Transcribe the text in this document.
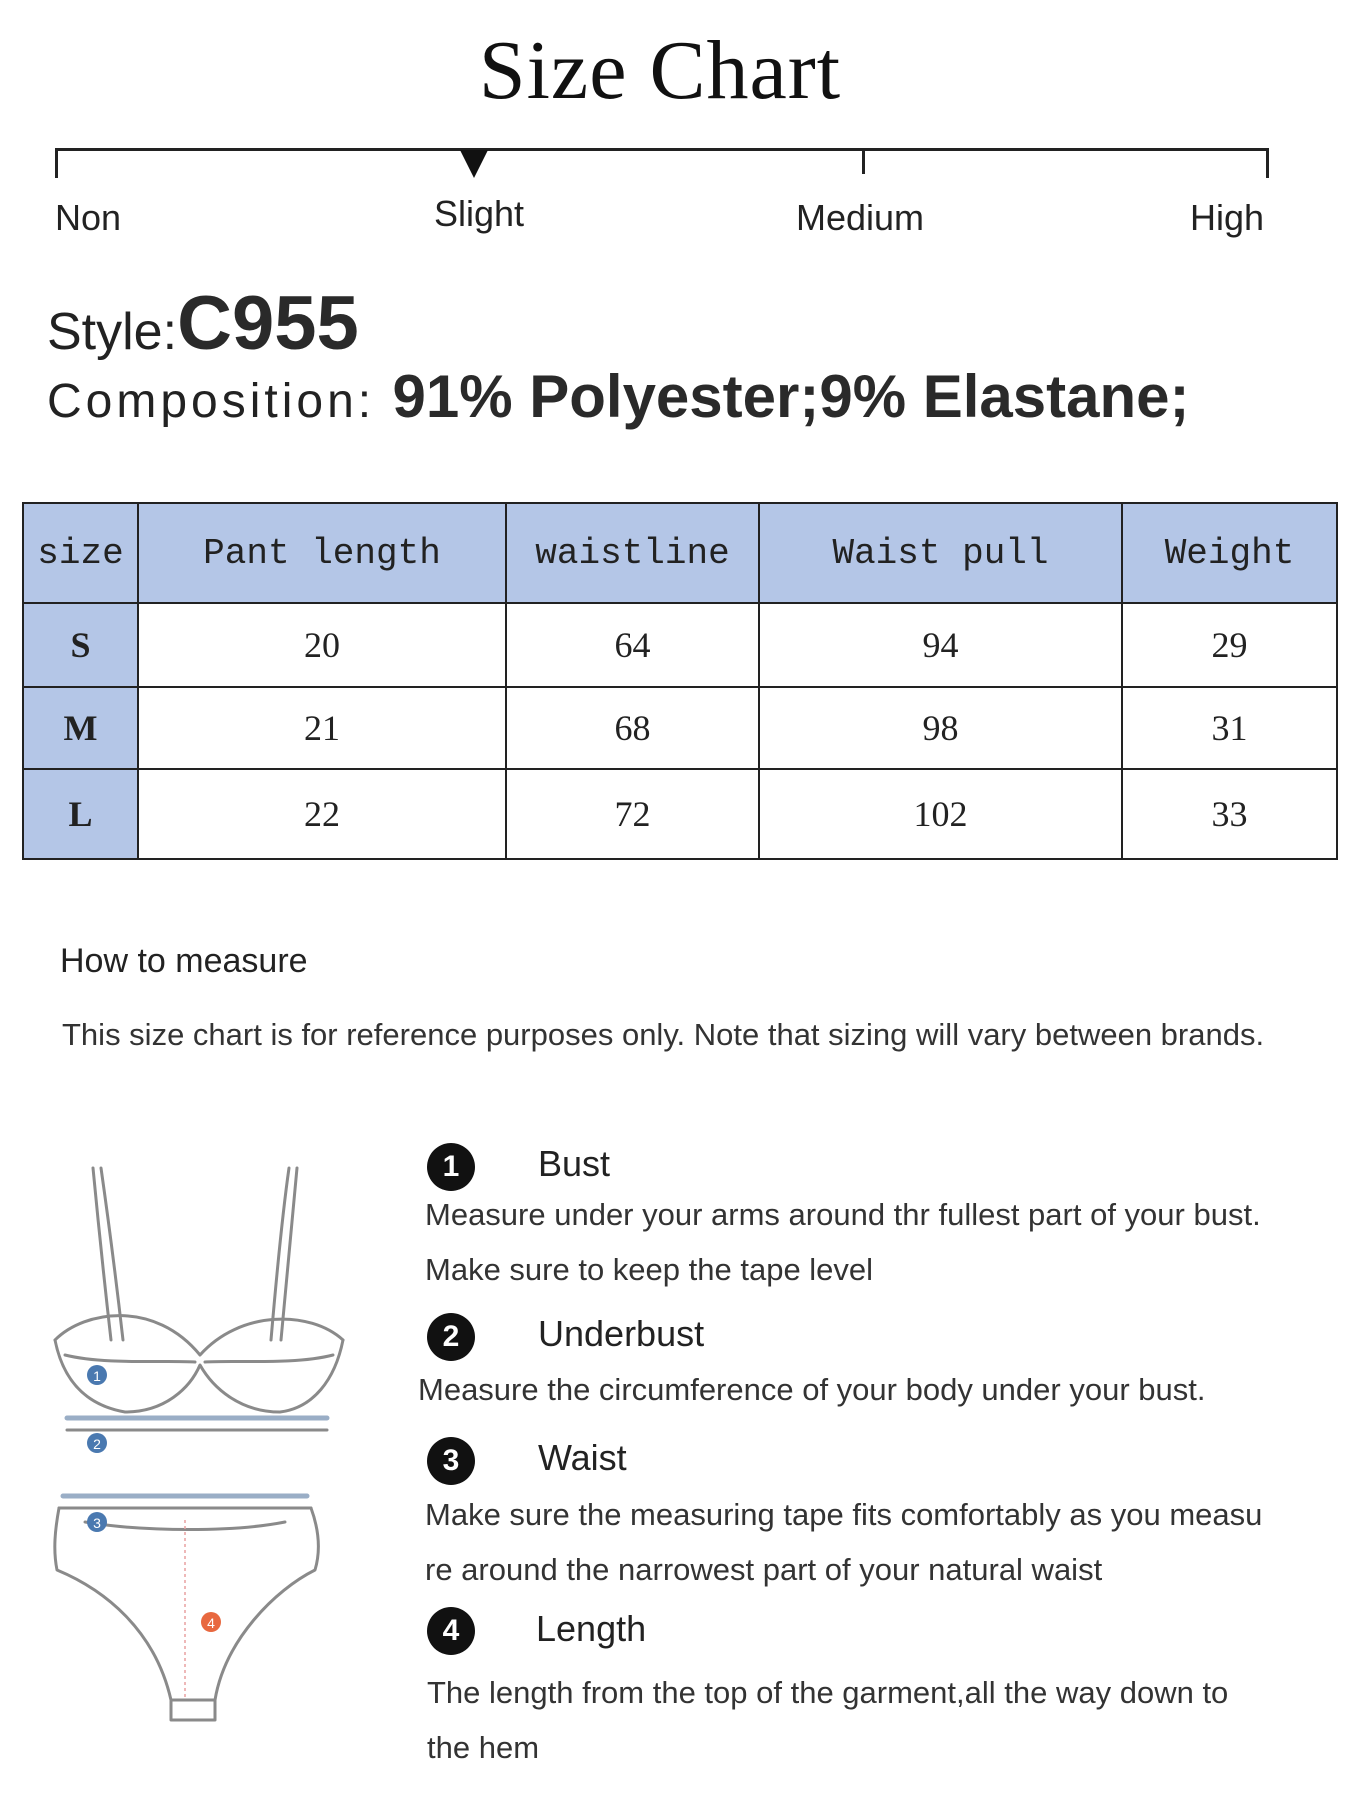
Size Chart
Non	Slight	Medium	High
Style:C955
Composition: 91% Polyester;9% Elastane;
size	Pant length	waistline	Waist pull	Weight
S	20	64	94	29
M	21	68	98	31
L	22	72	102	33
How to measure
This size chart is for reference purposes only. Note that sizing will vary between brands.
1
2
3
4
1	Bust
Measure under your arms around thr fullest part of your bust.
Make sure to keep the tape level
2	Underbust
Measure the circumference of your body under your bust.
3	Waist
Make sure the measuring tape fits comfortably as you measu
re around the narrowest part of your natural waist
4	Length
The length from the top of the garment,all the way down to
the hem
